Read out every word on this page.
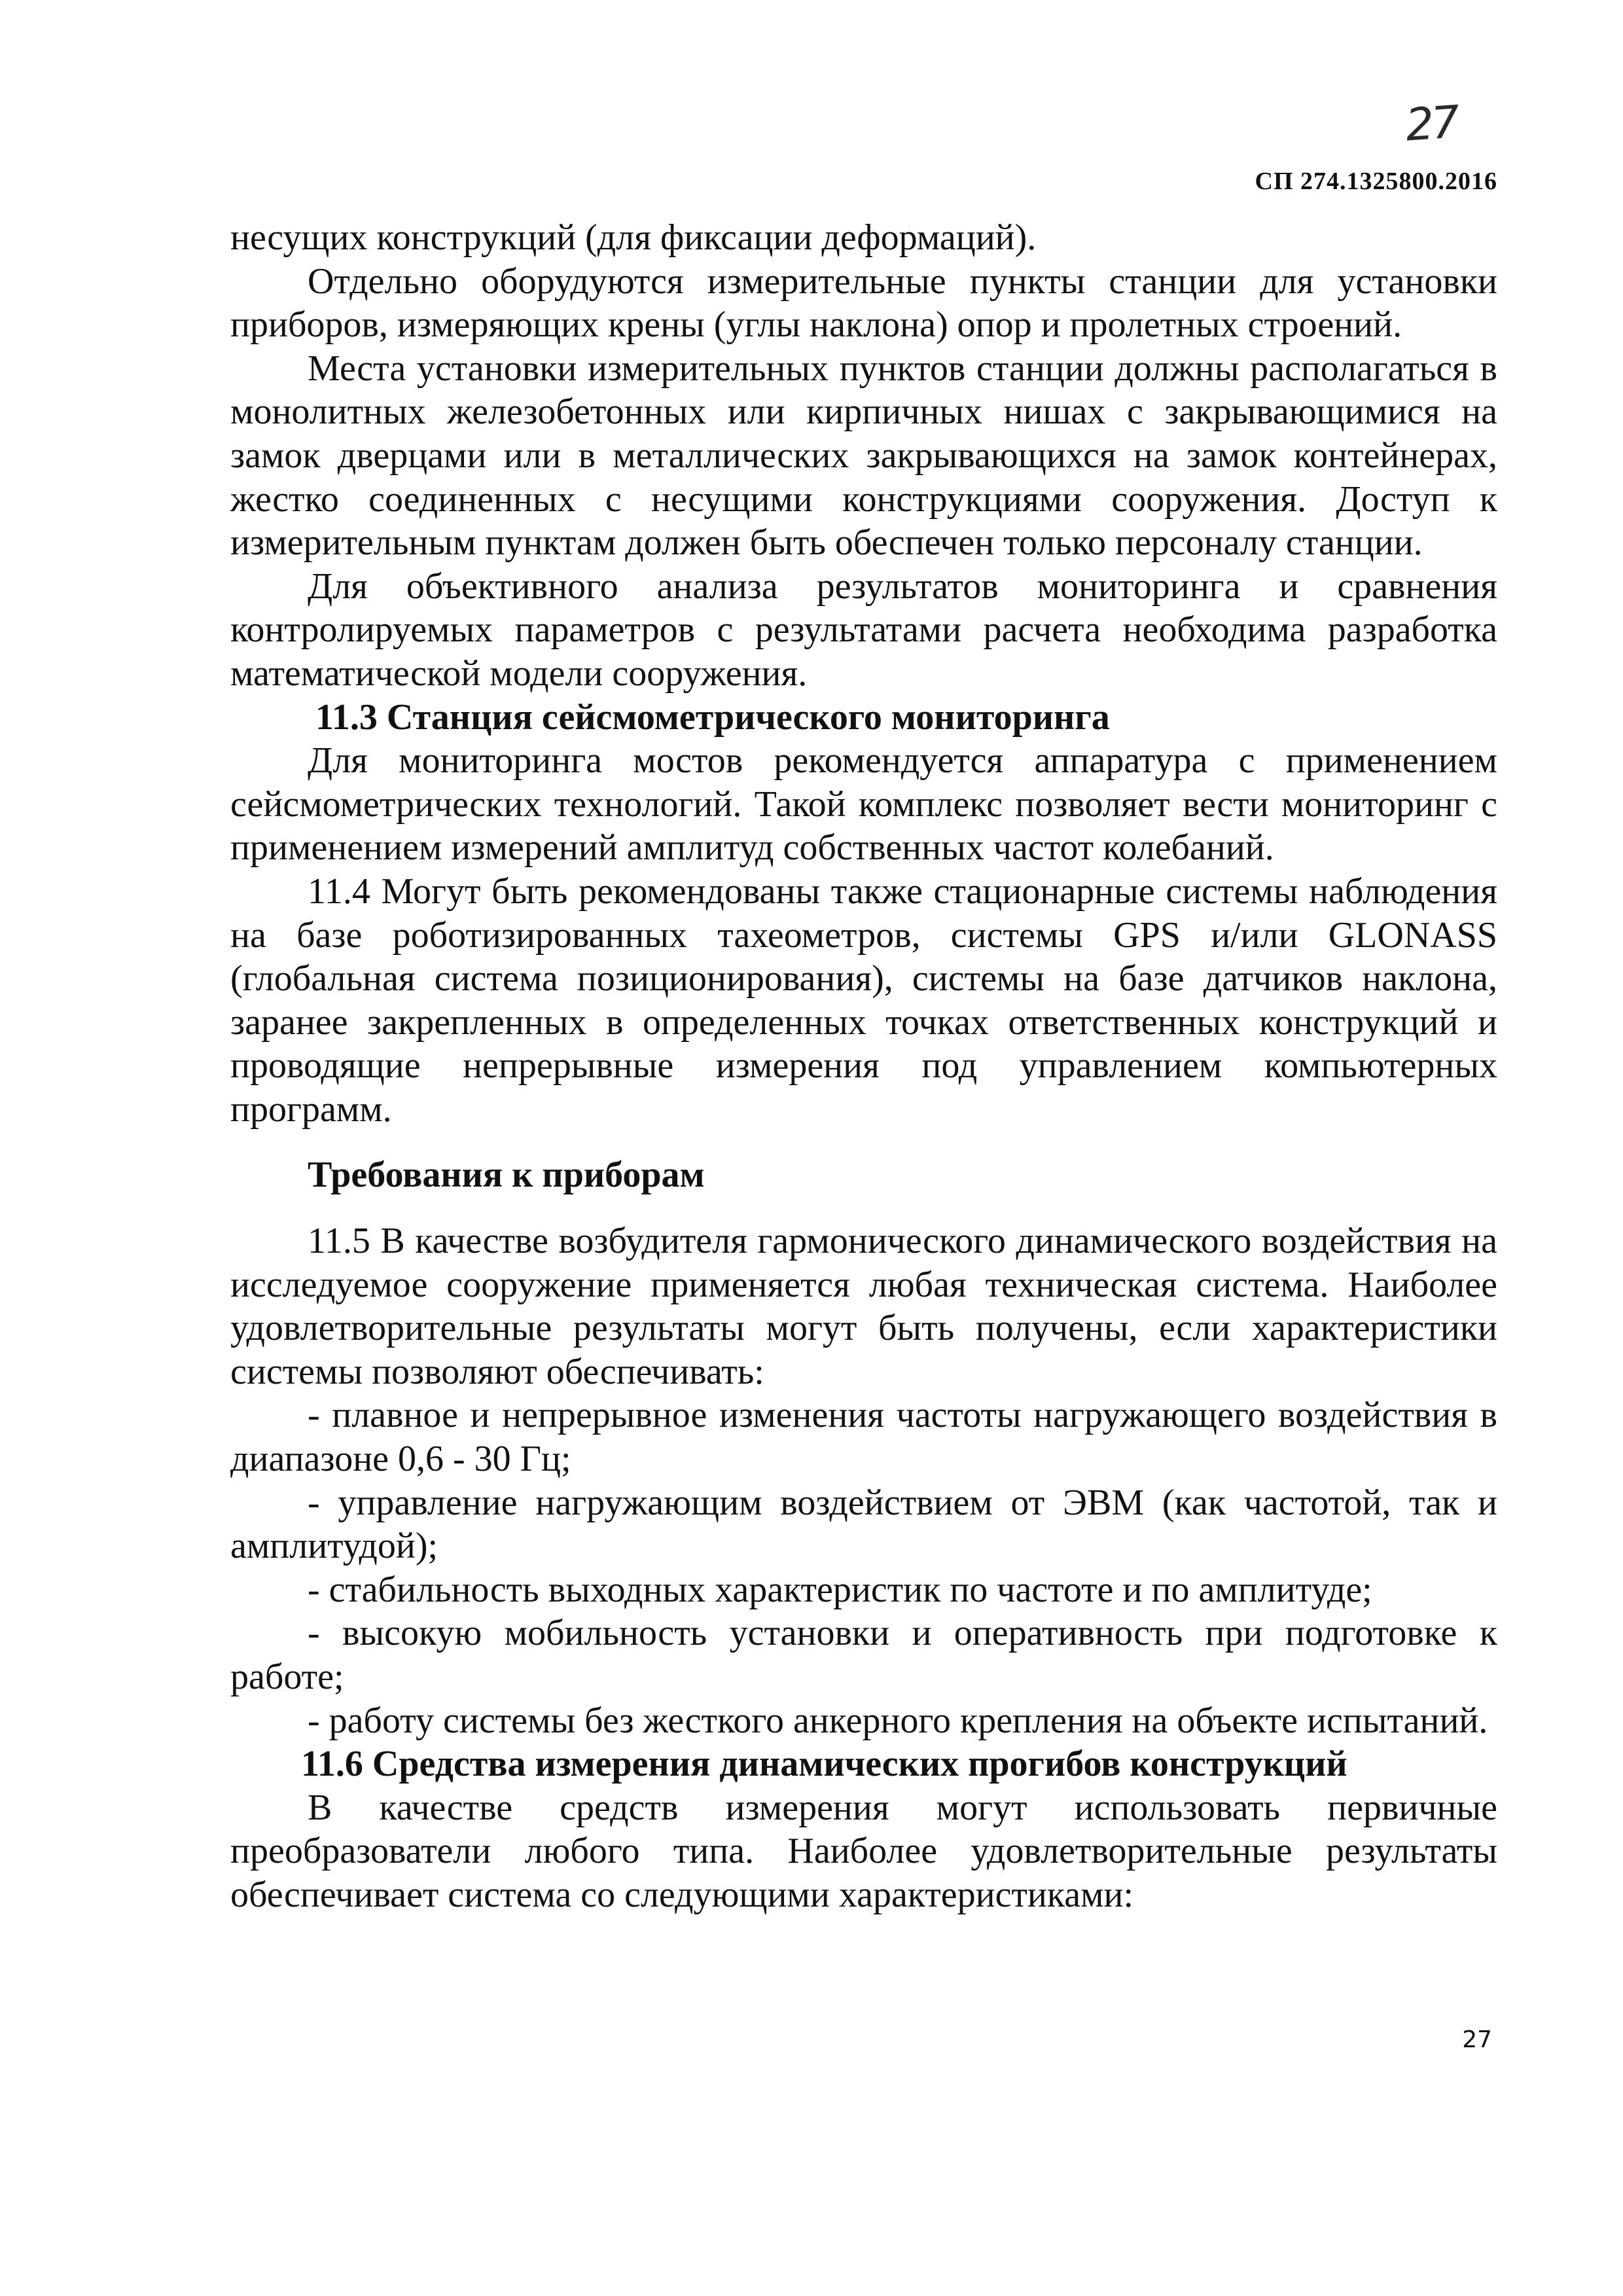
27
СП 274.1325800.2016

несущих конструкций (для фиксации деформаций).

Отдельно оборудуются измерительные пункты станции для установки приборов, измеряющих крены (углы наклона) опор и пролетных строений.

Места установки измерительных пунктов станции должны располагаться в монолитных железобетонных или кирпичных нишах с закрывающимися на замок дверцами или в металлических закрывающихся на замок контейнерах, жестко соединенных с несущими конструкциями сооружения. Доступ к измерительным пунктам должен быть обеспечен только персоналу станции.

Для объективного анализа результатов мониторинга и сравнения контролируемых параметров с результатами расчета необходима разработка математической модели сооружения.

11.3 Станция сейсмометрического мониторинга

Для мониторинга мостов рекомендуется аппаратура с применением сейсмометрических технологий. Такой комплекс позволяет вести мониторинг с применением измерений амплитуд собственных частот колебаний.

11.4 Могут быть рекомендованы также стационарные системы наблюдения на базе роботизированных тахеометров, системы GPS и/или GLONASS (глобальная система позиционирования), системы на базе датчиков наклона, заранее закрепленных в определенных точках ответственных конструкций и проводящие непрерывные измерения под управлением компьютерных программ.

Требования к приборам

11.5 В качестве возбудителя гармонического динамического воздействия на исследуемое сооружение применяется любая техническая система. Наиболее удовлетворительные результаты могут быть получены, если характеристики системы позволяют обеспечивать:

- плавное и непрерывное изменения частоты нагружающего воздействия в диапазоне 0,6 - 30 Гц;

- управление нагружающим воздействием от ЭВМ (как частотой, так и амплитудой);

- стабильность выходных характеристик по частоте и по амплитуде;

- высокую мобильность установки и оперативность при подготовке к работе;

- работу системы без жесткого анкерного крепления на объекте испытаний.

11.6 Средства измерения динамических прогибов конструкций

В качестве средств измерения могут использовать первичные преобразователи любого типа. Наиболее удовлетворительные результаты обеспечивает система со следующими характеристиками:

27
